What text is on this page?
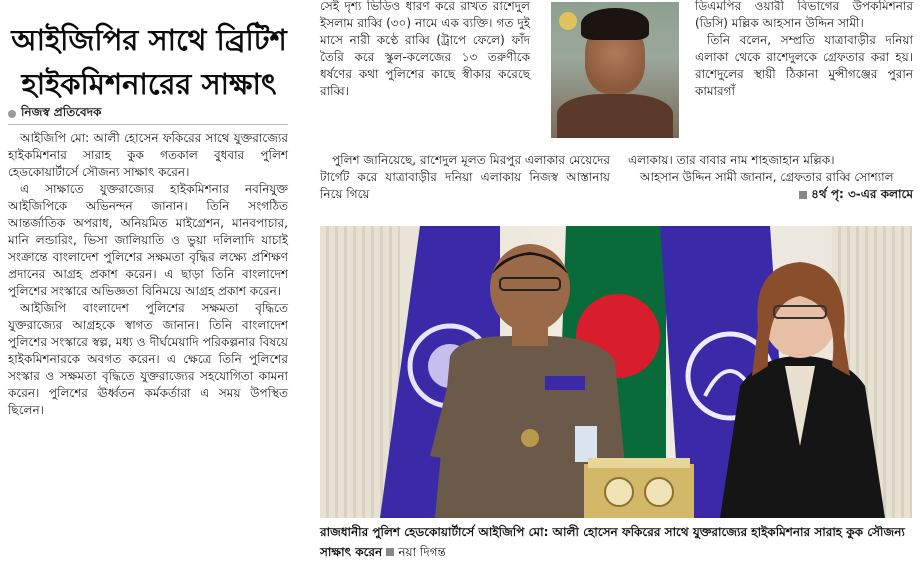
আইজিপির সাথে ব্রিটিশ
হাইকমিশনারের সাক্ষাৎ
নিজস্ব প্রতিবেদক

আইজিপি মো: আলী হোসেন ফকিরের সাথে যুক্তরাজ্যের হাইকমিশনার সারাহ কুক গতকাল বুধবার পুলিশ হেডকোয়ার্টার্সে সৌজন্য সাক্ষাৎ করেন।

এ সাক্ষাতে যুক্তরাজ্যের হাইকমিশনার নবনিযুক্ত আইজিপিকে অভিনন্দন জানান। তিনি সংগঠিত আন্তর্জাতিক অপরাধ, অনিয়মিত মাইগ্রেশন, মানবপাচার, মানি লন্ডারিং, ভিসা জালিয়াতি ও ভুয়া দলিলাদি যাচাই সংক্রান্তে বাংলাদেশ পুলিশের সক্ষমতা বৃদ্ধির লক্ষ্যে প্রশিক্ষণ প্রদানের আগ্রহ প্রকাশ করেন। এ ছাড়া তিনি বাংলাদেশ পুলিশের সংস্কারে অভিজ্ঞতা বিনিময়ে আগ্রহ প্রকাশ করেন।

আইজিপি বাংলাদেশ পুলিশের সক্ষমতা বৃদ্ধিতে যুক্তরাজ্যের আগ্রহকে স্বাগত জানান। তিনি বাংলাদেশ পুলিশের সংস্কারে স্বল্প, মধ্য ও দীর্ঘমেয়াদি পরিকল্পনার বিষয়ে হাইকমিশনারকে অবগত করেন। এ ক্ষেত্রে তিনি পুলিশের সংস্কার ও সক্ষমতা বৃদ্ধিতে যুক্তরাজ্যের সহযোগিতা কামনা করেন। পুলিশের ঊর্ধ্বতন কর্মকর্তারা এ সময় উপস্থিত ছিলেন।

সেই দৃশ্য ভিডিও ধারণ করে রাখত রাশেদুল ইসলাম রাব্বি (৩০) নামে এক ব্যক্তি। গত দুই মাসে নারী কণ্ঠে রাব্বি (ট্রাপে ফেলে) ফাঁদ তৈরি করে স্কুল-কলেজের ১৩ তরুণীকে ধর্ষণের কথা পুলিশের কাছে স্বীকার করেছে রাব্বি।

পুলিশ জানিয়েছে, রাশেদুল মূলত মিরপুর এলাকার মেয়েদের টার্গেট করে যাত্রাবাড়ীর দনিয়া এলাকায় নিজস্ব আস্তানায় নিয়ে গিয়ে

ডিএমপির ওয়ারী বিভাগের উপকমিশনার (ডিসি) মল্লিক আহসান উদ্দিন সামী।

তিনি বলেন, সম্প্রতি যাত্রাবাড়ীর দনিয়া এলাকা থেকে রাশেদুলকে গ্রেফতার করা হয়। রাশেদুলের স্থায়ী ঠিকানা মুন্সীগঞ্জের পুরান কামারগাঁ

এলাকায়। তার বাবার নাম শাহজাহান মল্লিক।

আহসান উদ্দিন সামী জানান, গ্রেফতার রাব্বি সোশ্যাল

৪র্থ পৃ: ৩-এর কলামে
রাজধানীর পুলিশ হেডকোয়ার্টার্সে আইজিপি মো: আলী হোসেন ফকিরের সাথে যুক্তরাজ্যের হাইকমিশনার সারাহ কুক সৌজন্য সাক্ষাৎ করেন নয়া দিগন্ত
